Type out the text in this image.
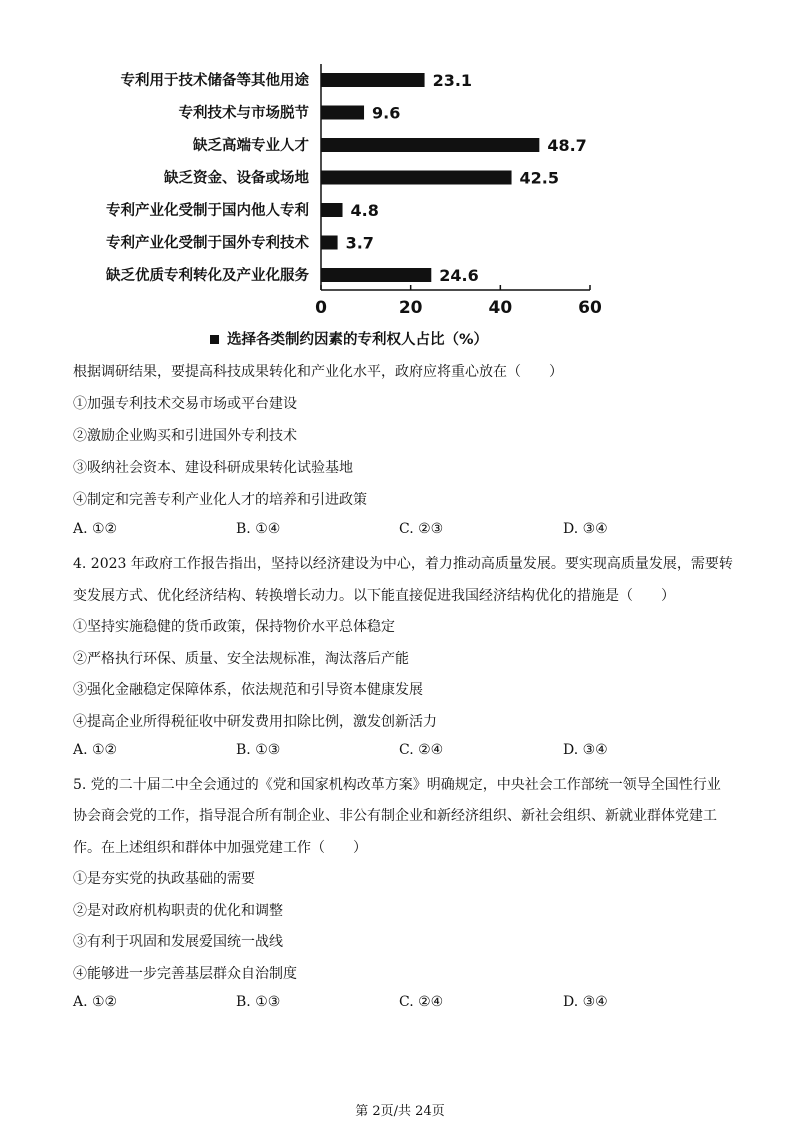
专利用于技术储备等其他用途
专利技术与市场脱节
缺乏高端专业人才
缺乏资金、设备或场地
专利产业化受制于国内他人专利
专利产业化受制于国外专利技术
缺乏优质专利转化及产业化服务
23.1
9.6
48.7
42.5
4.8
3.7
24.6
0	20	40	60
选择各类制约因素的专利权人占比（%）
根据调研结果，要提高科技成果转化和产业化水平，政府应将重心放在（　　）
①加强专利技术交易市场或平台建设
②激励企业购买和引进国外专利技术
③吸纳社会资本、建设科研成果转化试验基地
④制定和完善专利产业化人才的培养和引进政策
A. ①②	B. ①④	C. ②③	D. ③④
4. 2023 年政府工作报告指出，坚持以经济建设为中心，着力推动高质量发展。要实现高质量发展，需要转
变发展方式、优化经济结构、转换增长动力。以下能直接促进我国经济结构优化的措施是（　　）
①坚持实施稳健的货币政策，保持物价水平总体稳定
②严格执行环保、质量、安全法规标准，淘汰落后产能
③强化金融稳定保障体系，依法规范和引导资本健康发展
④提高企业所得税征收中研发费用扣除比例，激发创新活力
A. ①②	B. ①③	C. ②④	D. ③④
5. 党的二十届二中全会通过的《党和国家机构改革方案》明确规定，中央社会工作部统一领导全国性行业
协会商会党的工作，指导混合所有制企业、非公有制企业和新经济组织、新社会组织、新就业群体党建工
作。在上述组织和群体中加强党建工作（　　）
①是夯实党的执政基础的需要
②是对政府机构职责的优化和调整
③有利于巩固和发展爱国统一战线
④能够进一步完善基层群众自治制度
A. ①②	B. ①③	C. ②④	D. ③④
第 2页/共 24页
